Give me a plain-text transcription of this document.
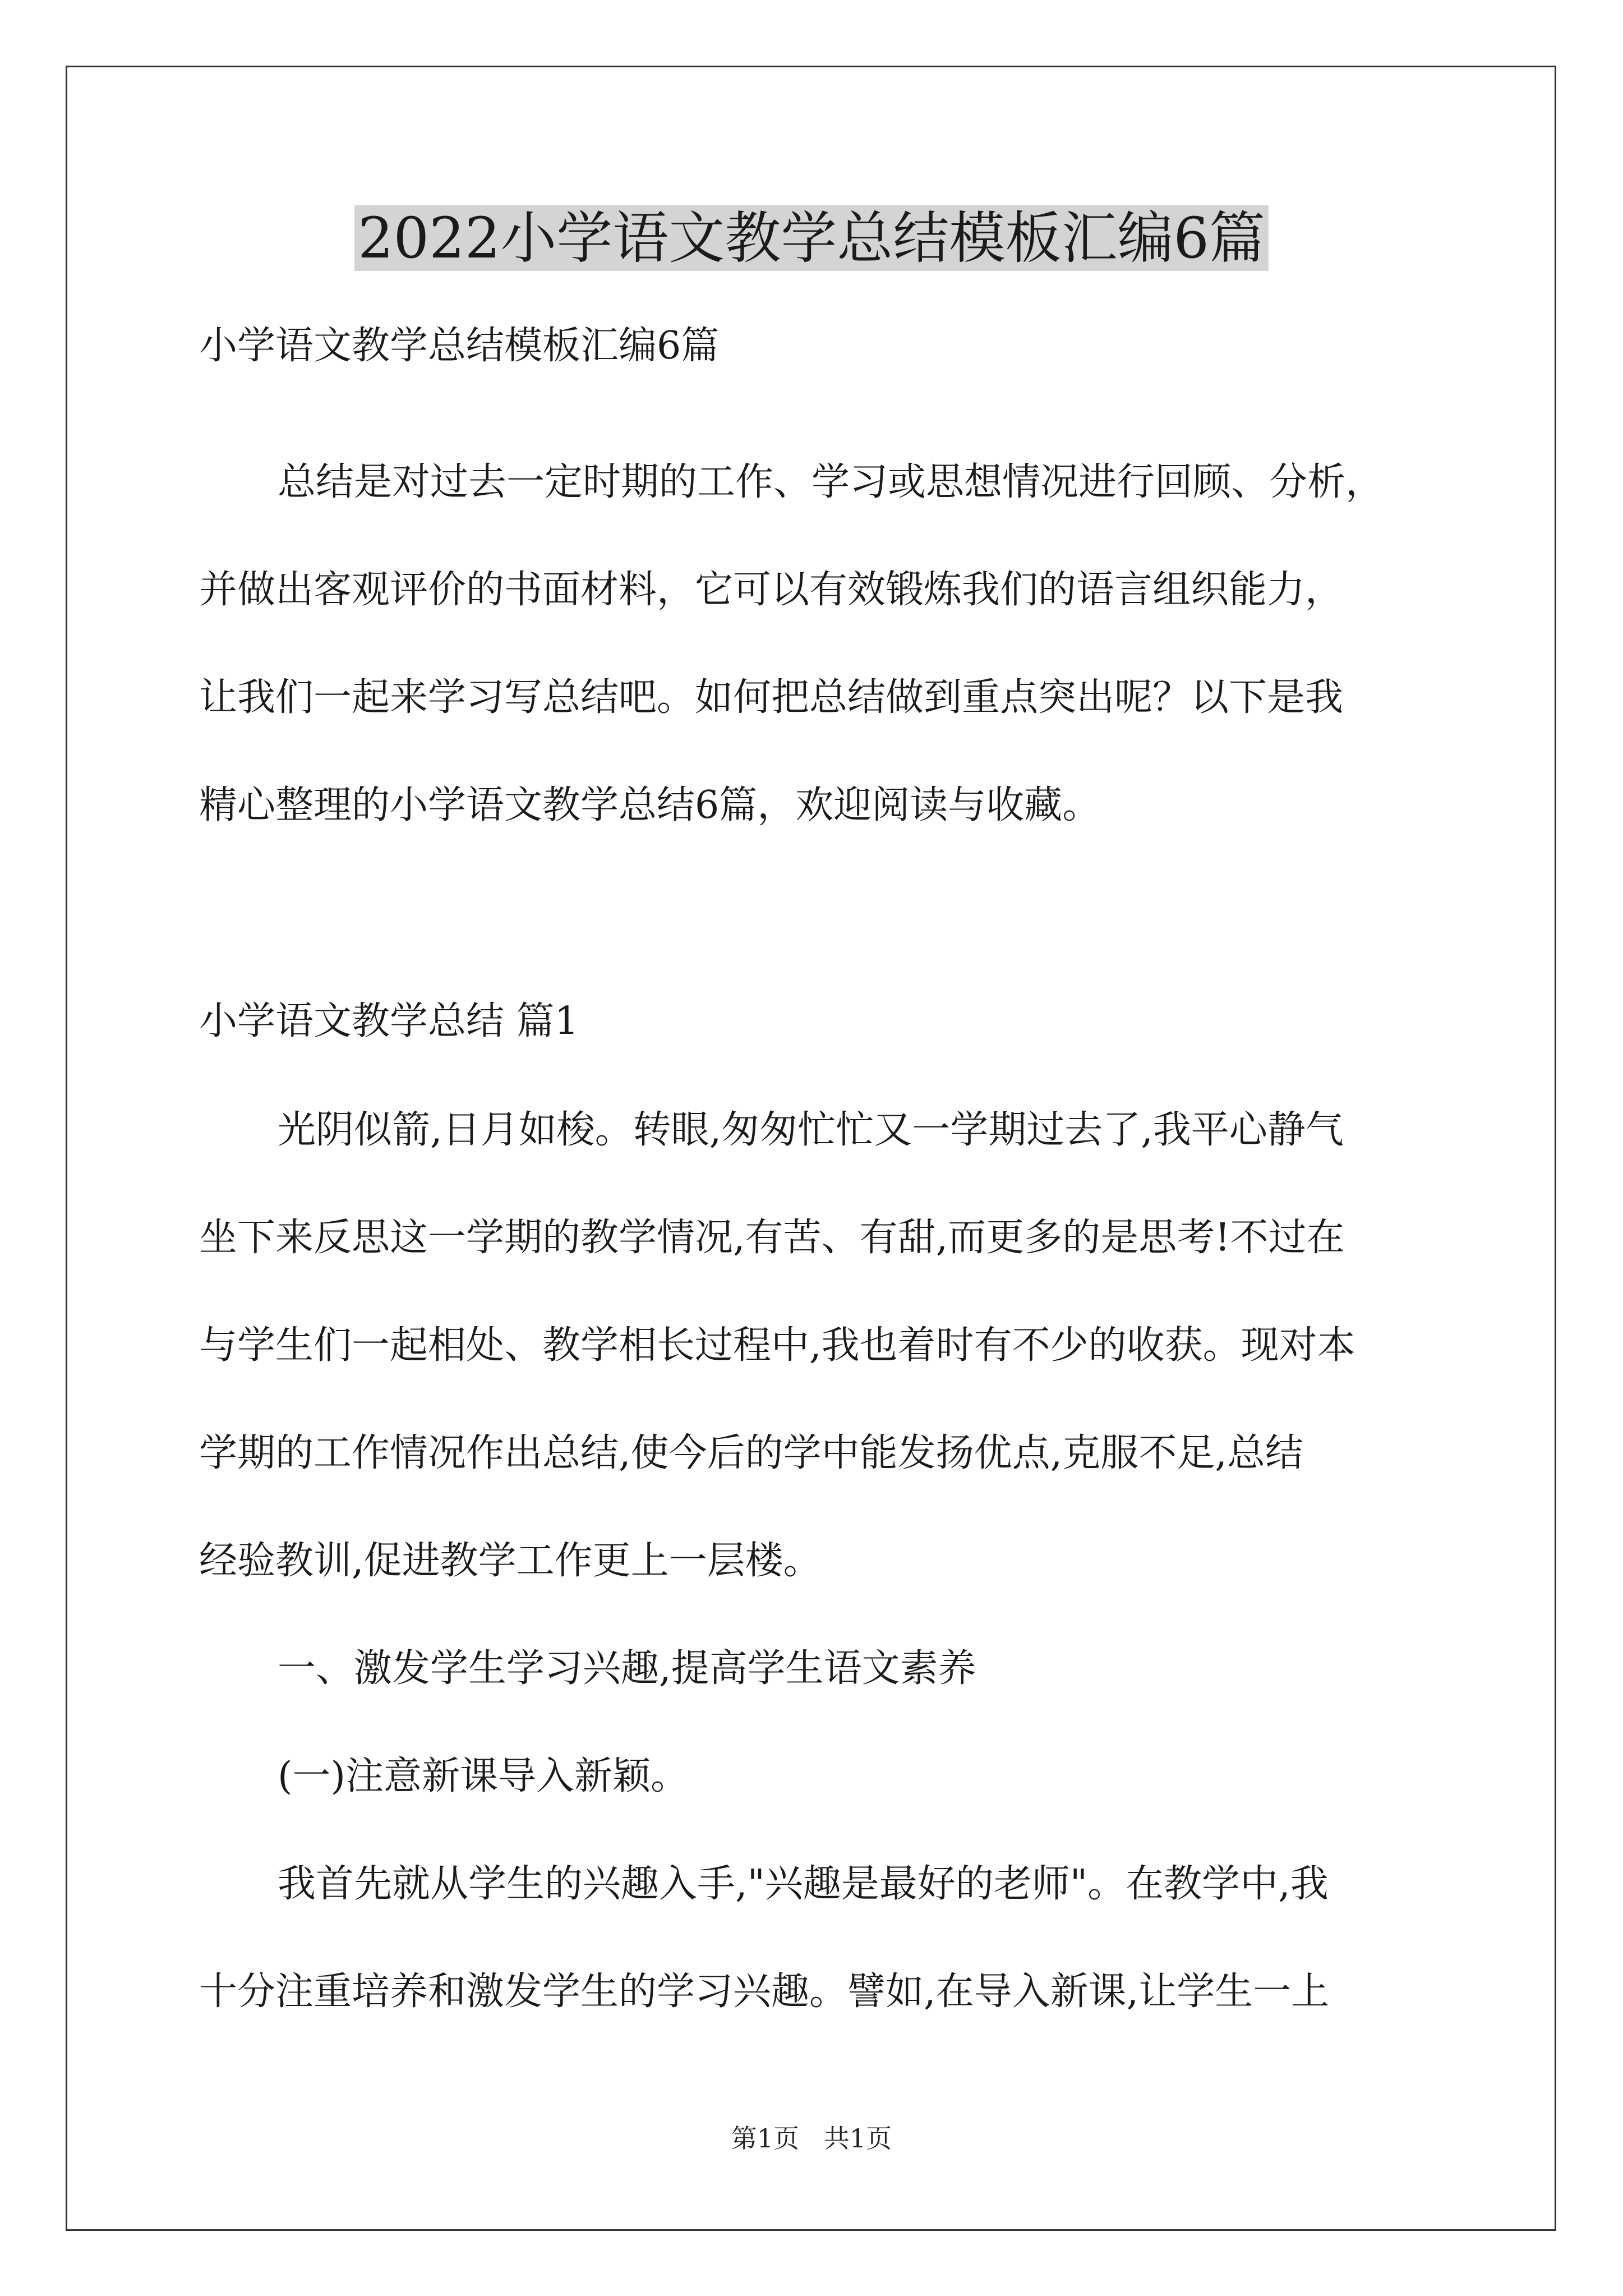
2022小学语文教学总结模板汇编6篇
小学语文教学总结模板汇编6篇
总结是对过去一定时期的工作、学习或思想情况进行回顾、分析，
并做出客观评价的书面材料，它可以有效锻炼我们的语言组织能力，
让我们一起来学习写总结吧。如何把总结做到重点突出呢？以下是我
精心整理的小学语文教学总结6篇，欢迎阅读与收藏。
小学语文教学总结 篇1
光阴似箭,日月如梭。转眼,匆匆忙忙又一学期过去了,我平心静气
坐下来反思这一学期的教学情况,有苦、有甜,而更多的是思考!不过在
与学生们一起相处、教学相长过程中,我也着时有不少的收获。现对本
学期的工作情况作出总结,使今后的学中能发扬优点,克服不足,总结
经验教训,促进教学工作更上一层楼。
一、激发学生学习兴趣,提高学生语文素养
(一)注意新课导入新颖。
我首先就从学生的兴趣入手,"兴趣是最好的老师"。在教学中,我
十分注重培养和激发学生的学习兴趣。譬如,在导入新课,让学生一上
第1页   共1页
